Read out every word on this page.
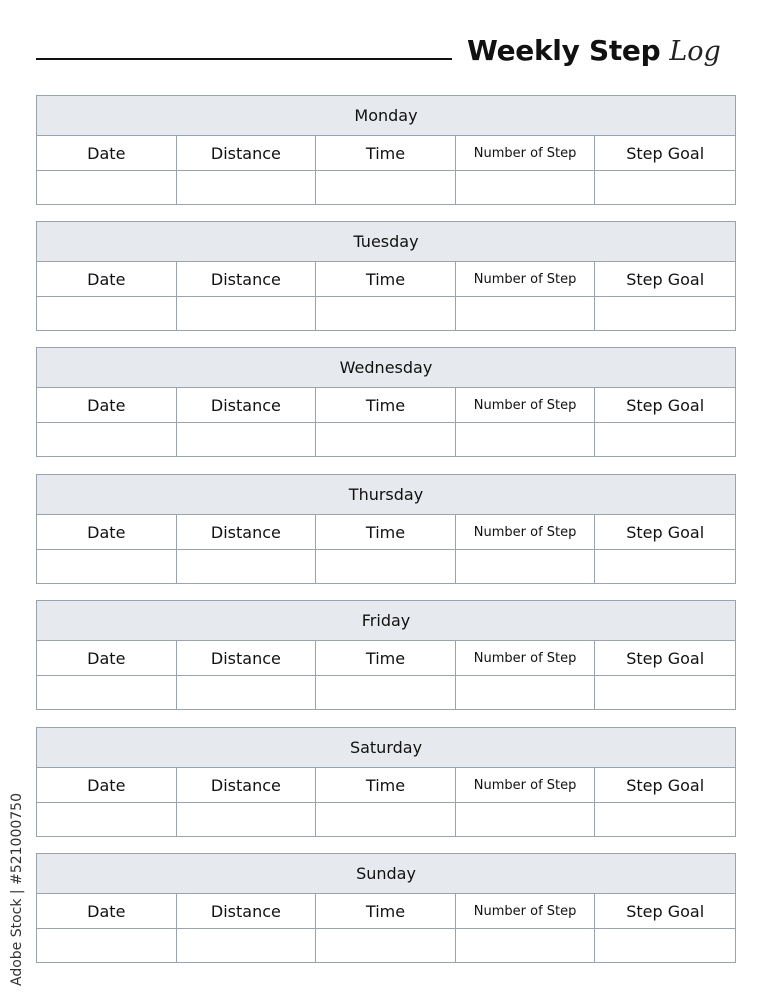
Weekly Step Log
Monday
Date	Distance	Time	Number of Step	Step Goal
Tuesday
Date	Distance	Time	Number of Step	Step Goal
Wednesday
Date	Distance	Time	Number of Step	Step Goal
Thursday
Date	Distance	Time	Number of Step	Step Goal
Friday
Date	Distance	Time	Number of Step	Step Goal
Saturday
Date	Distance	Time	Number of Step	Step Goal
Sunday
Date	Distance	Time	Number of Step	Step Goal
Adobe Stock | #521000750
